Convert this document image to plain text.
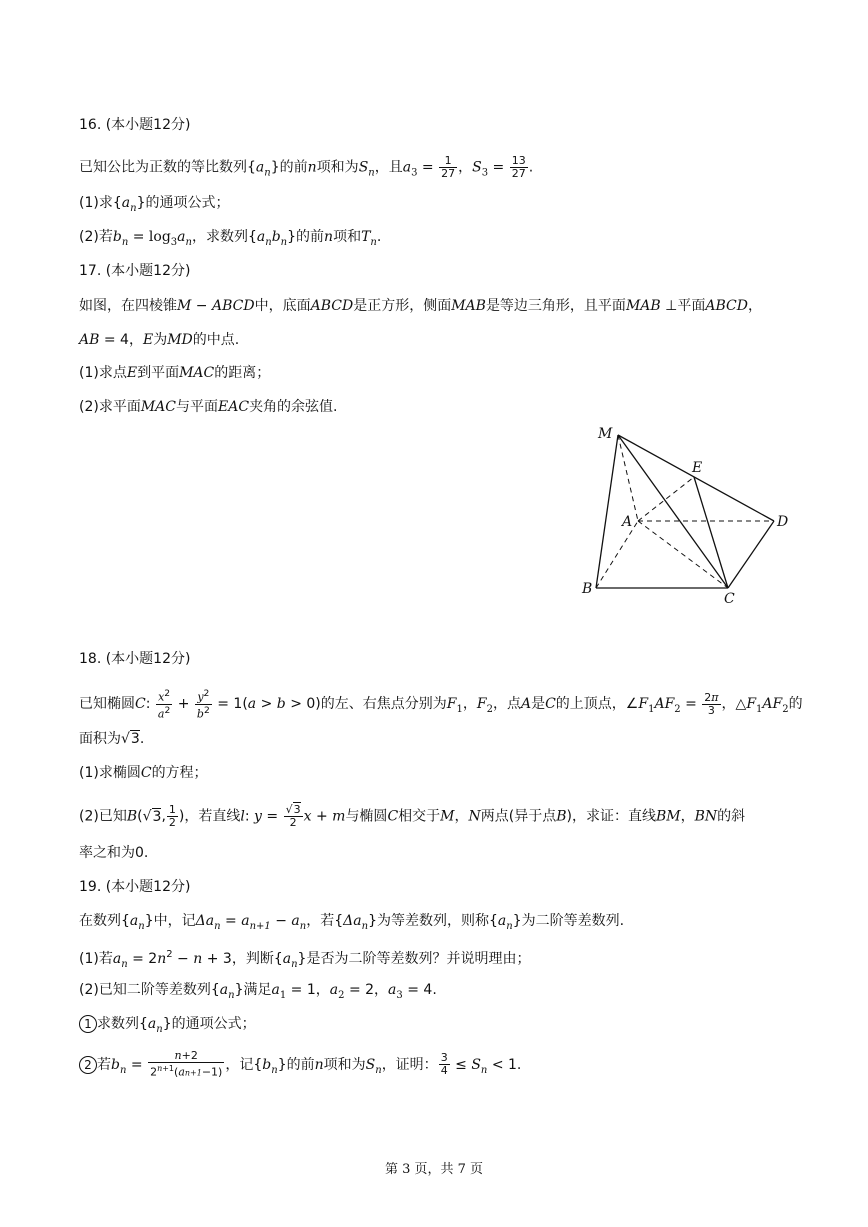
16. (本小题12分)
已知公比为正数的等比数列$\{a_n\}$的前n项和为$S_n$，且$a_3 = \frac{1}{27}$ ，$S_3 = \frac{13}{27}$ .
(1)求$\{a_n\}$的通项公式；
(2)若$b_n = \log_3a_n$，求数列$\{a_nb_n\}$的前n项和$T_n$.
17. (本小题12分)
如图，在四棱锥M − ABCD中，底面ABCD是正方形，侧面MAB是等边三角形，且平面MAB ⊥平面ABCD，
AB = 4，E为MD的中点.
(1)求点E到平面MAC的距离；
(2)求平面MAC与平面EAC夹角的余弦值.
M
E
A	D
B
C
18. (本小题12分)
已知椭圆C: $\frac{x^2}{a^2} + \frac{y^2}{b^2} = 1(a > b > 0)$的左、右焦点分别为$F_1$，$F_2$，点A是C的上顶点，$\angle F_1AF_2 = \frac{2\pi}{3}$ ，$\triangle F_1AF_2$的
面积为√3.
(1)求椭圆C的方程；
(2)已知B(√3, $\frac{1}{2}$ )，若直线l: $y = \frac{√3}{2}$ x + m与椭圆C相交于M，N两点(异于点B)，求证：直线BM，BN的斜
率之和为0.
19. (本小题12分)
在数列$\{a_n\}$中，记$\Delta a_n = a_{n+1} - a_n$，若$\{\Delta a_n\}$为等差数列，则称$\{a_n\}$为二阶等差数列.
(1)若$a_n = 2n^2 - n + 3$，判断$\{a_n\}$是否为二阶等差数列？并说明理由；
(2)已知二阶等差数列$\{a_n\}$满足$a_1 = 1$，$a_2 = 2$，$a_3 = 4$.
1 求数列$\{a_n\}$的通项公式；
2 若$b_n = \frac{n+2}{2^{n+1}(an+1-1)}$ ，记$\{b_n\}$的前n项和为$S_n$，证明： $\frac{3}{4} \le S_n < 1$.
第 3 页，共 7 页
